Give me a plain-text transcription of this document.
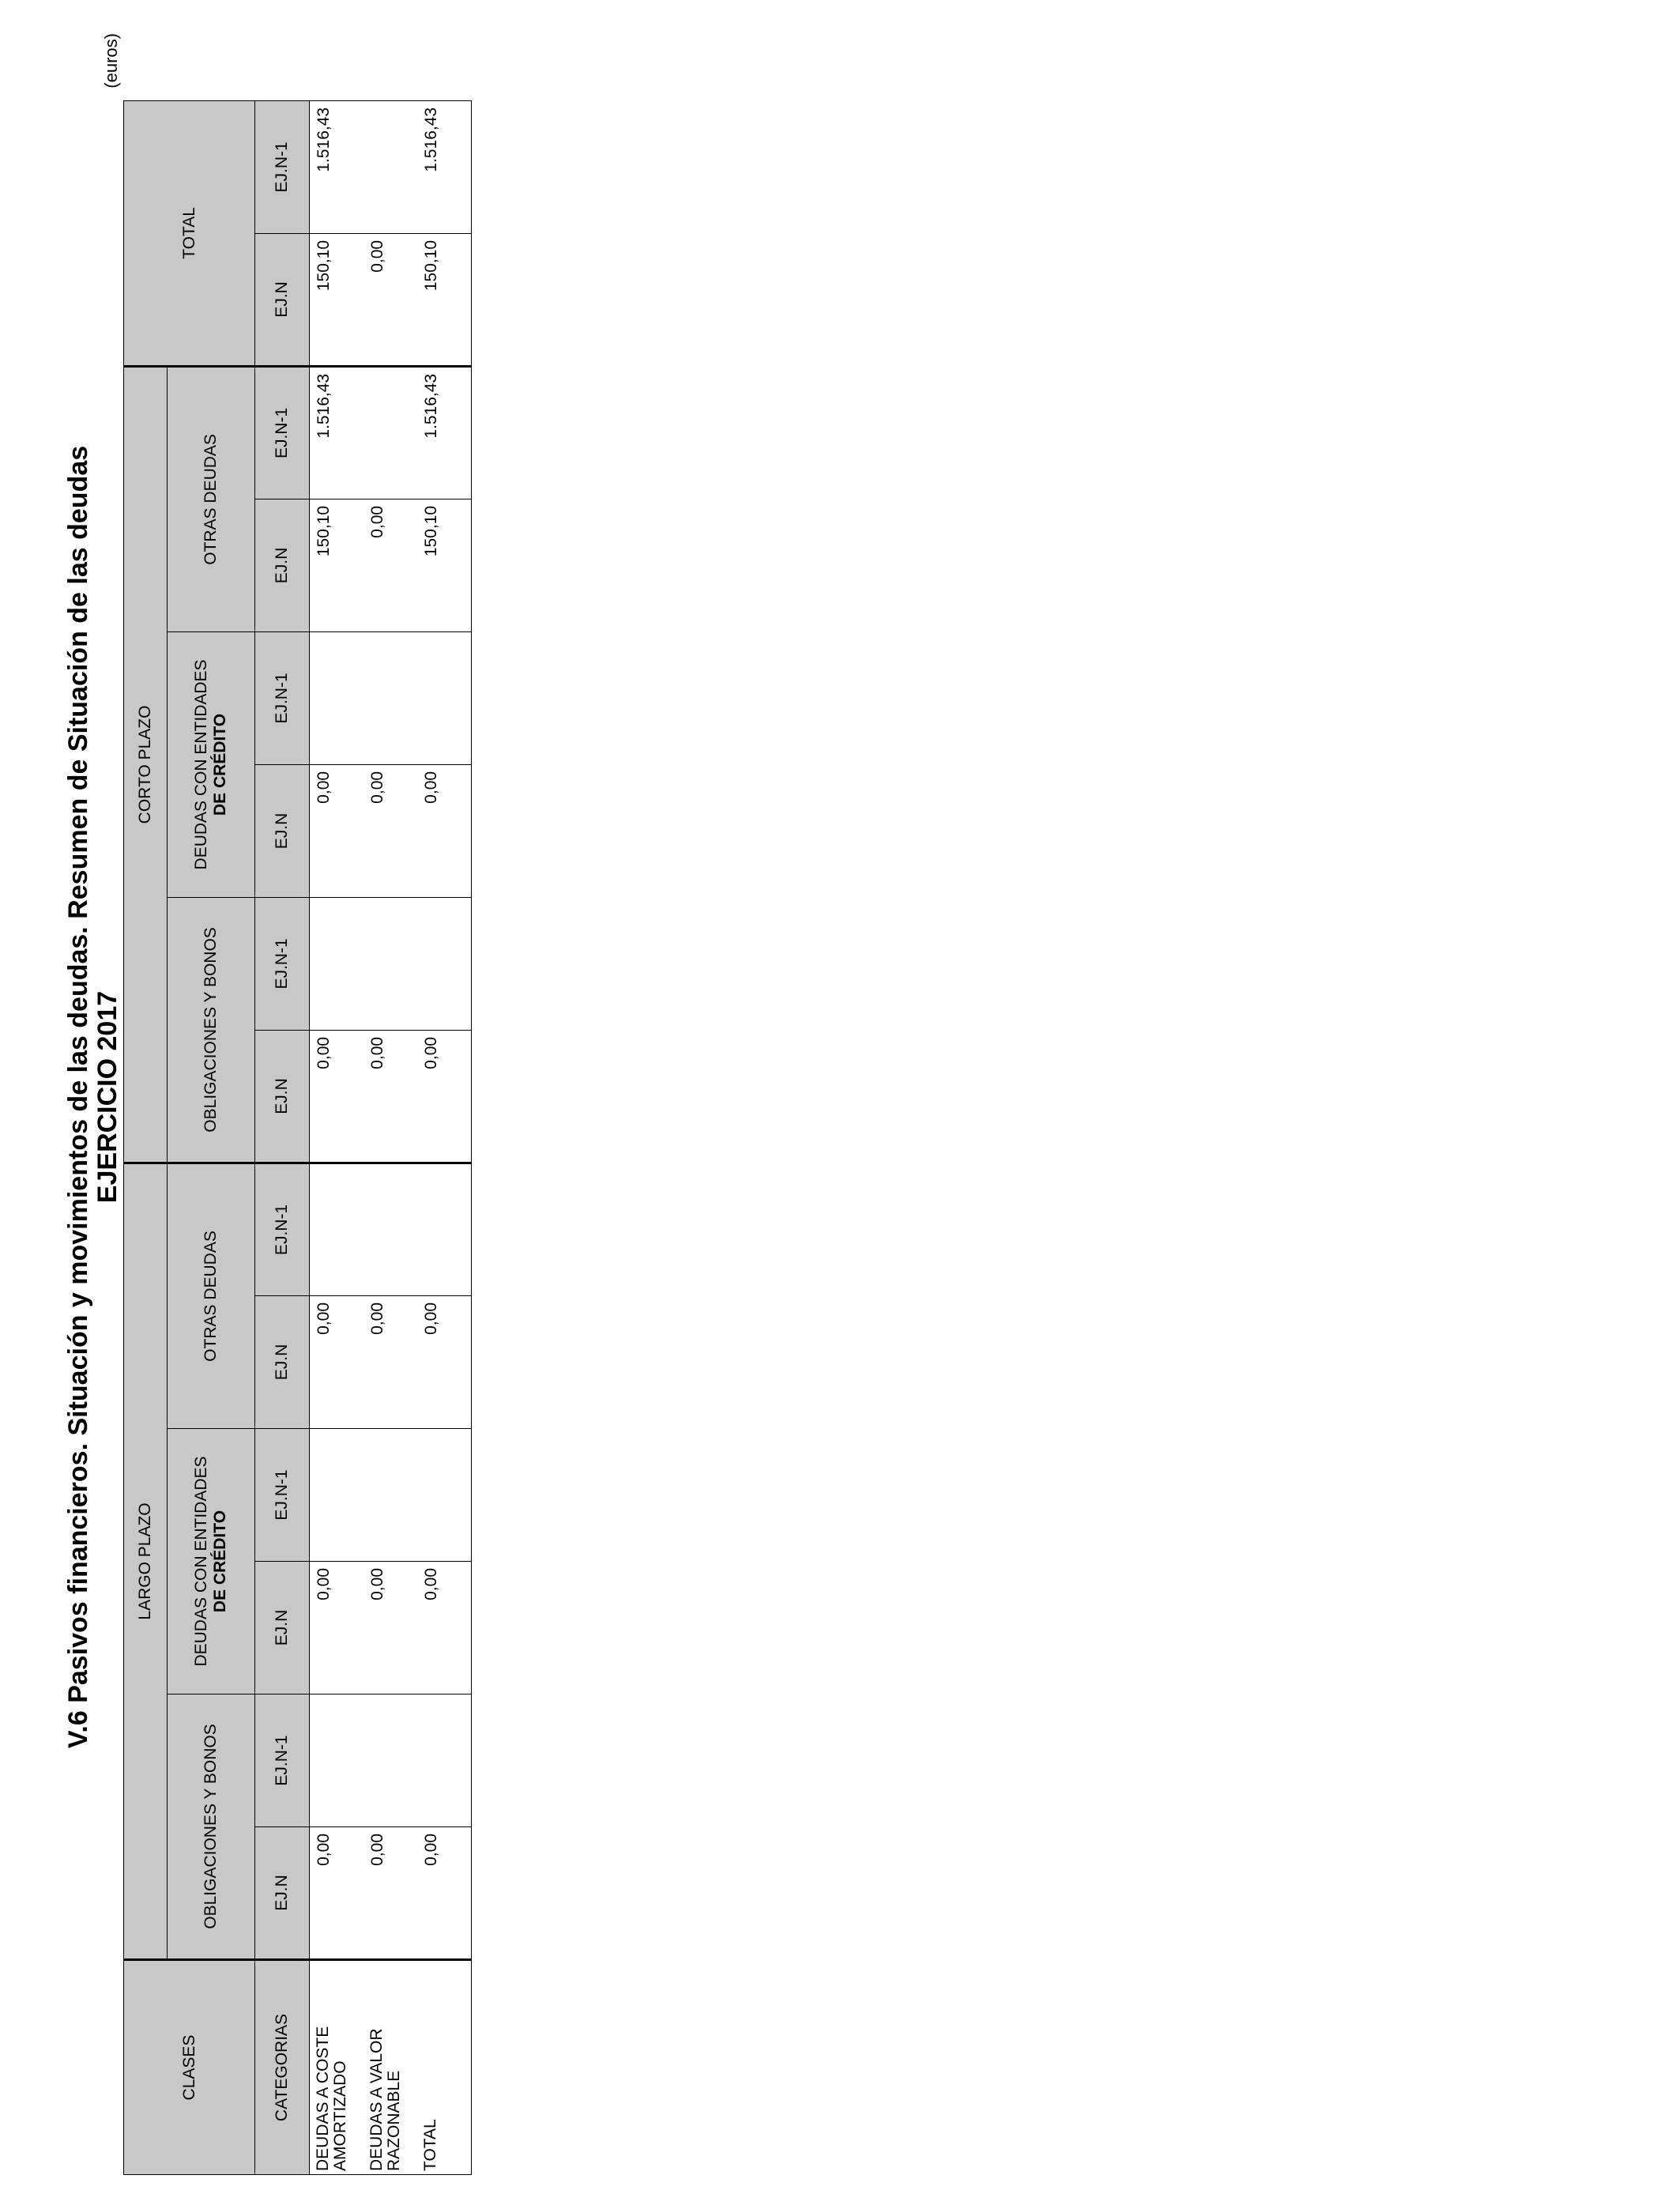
V.6 Pasivos financieros. Situación y movimientos de las deudas. Resumen de Situación de las deudas EJERCICIO 2017
(euros)
CLASES	LARGO PLAZO						CORTO PLAZO						TOTAL	
	OBLIGACIONES Y BONOS		DEUDAS CON ENTIDADES
DE CRÉDITO		OTRAS DEUDAS		OBLIGACIONES Y BONOS		DEUDAS CON ENTIDADES
DE CRÉDITO		OTRAS DEUDAS			
CATEGORIAS	EJ.N	EJ.N-1	EJ.N	EJ.N-1	EJ.N	EJ.N-1	EJ.N	EJ.N-1	EJ.N	EJ.N-1	EJ.N	EJ.N-1	EJ.N	EJ.N-1
DEUDAS A COSTE
AMORTIZADO	0,00		0,00		0,00		0,00		0,00		150,10	1.516,43	150,10	1.516,43
DEUDAS A VALOR
RAZONABLE	0,00		0,00		0,00		0,00		0,00		0,00		0,00	
TOTAL	0,00		0,00		0,00		0,00		0,00		150,10	1.516,43	150,10	1.516,43
